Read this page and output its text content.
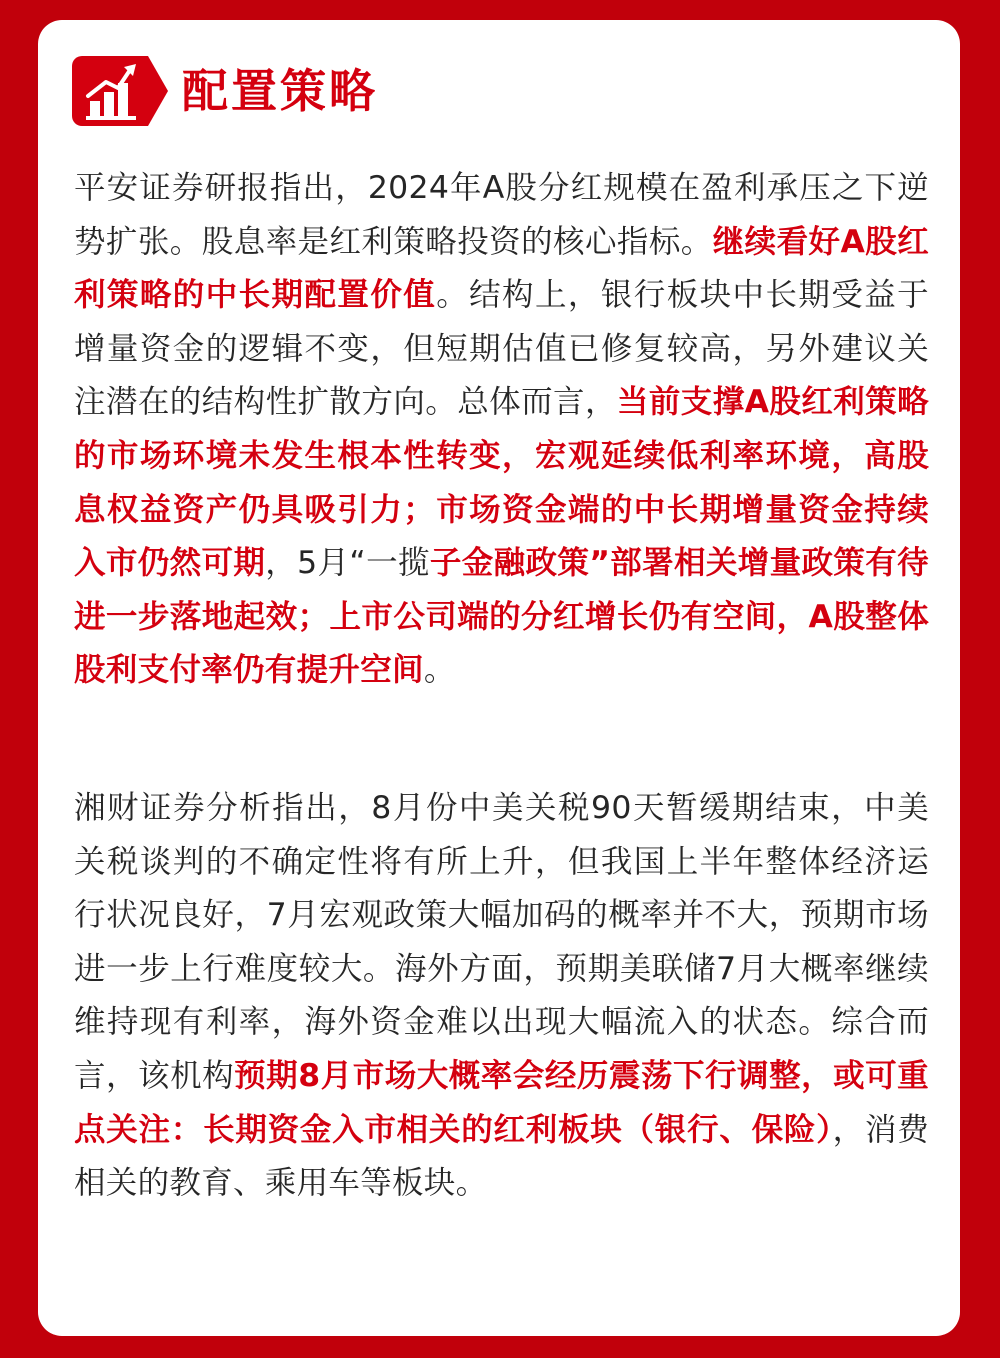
配置策略

平安证券研报指出，2024年A股分红规模在盈利承压之下逆势扩张。股息率是红利策略投资的核心指标。继续看好A股红利策略的中长期配置价值。结构上，银行板块中长期受益于增量资金的逻辑不变，但短期估值已修复较高，另外建议关注潜在的结构性扩散方向。总体而言，当前支撑A股红利策略的市场环境未发生根本性转变，宏观延续低利率环境，高股息权益资产仍具吸引力；市场资金端的中长期增量资金持续入市仍然可期，5月“一揽子金融政策”部署相关增量政策有待进一步落地起效；上市公司端的分红增长仍有空间，A股整体股利支付率仍有提升空间。

湘财证券分析指出，8月份中美关税90天暂缓期结束，中美关税谈判的不确定性将有所上升，但我国上半年整体经济运行状况良好，7月宏观政策大幅加码的概率并不大，预期市场进一步上行难度较大。海外方面，预期美联储7月大概率继续维持现有利率，海外资金难以出现大幅流入的状态。综合而言，该机构预期8月市场大概率会经历震荡下行调整，或可重点关注：长期资金入市相关的红利板块（银行、保险），消费相关的教育、乘用车等板块。
